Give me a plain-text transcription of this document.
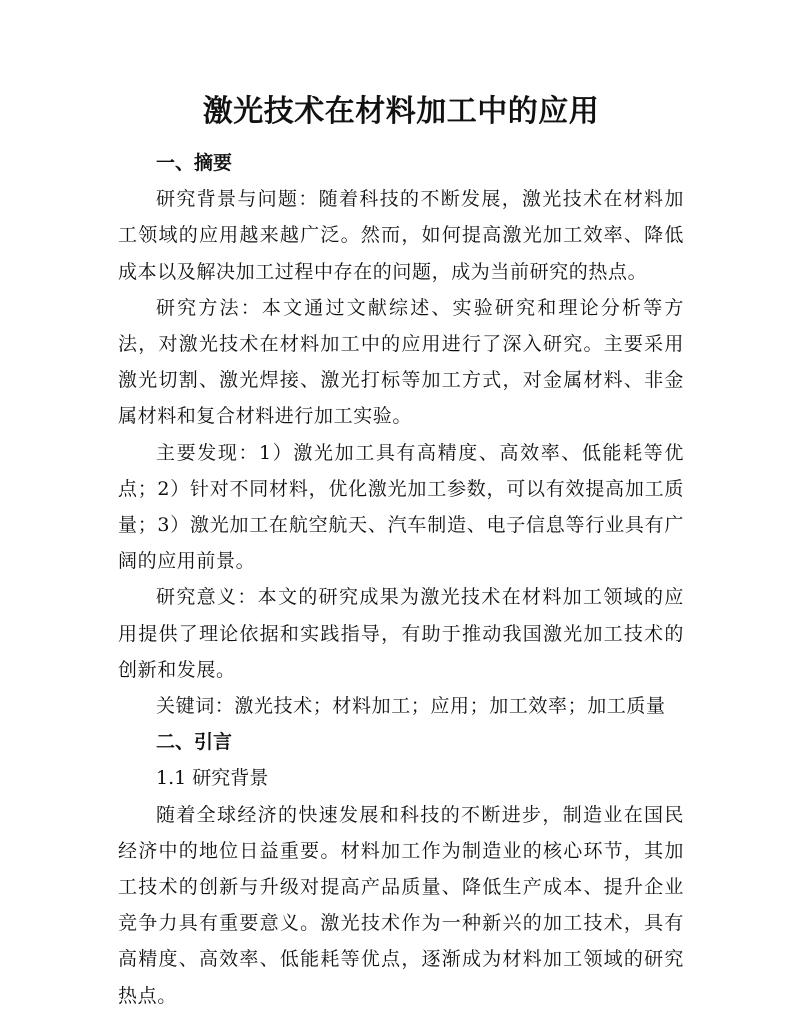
激光技术在材料加工中的应用
一、摘要

研究背景与问题：随着科技的不断发展，激光技术在材料加工领域的应用越来越广泛。然而，如何提高激光加工效率、降低成本以及解决加工过程中存在的问题，成为当前研究的热点。

研究方法：本文通过文献综述、实验研究和理论分析等方法，对激光技术在材料加工中的应用进行了深入研究。主要采用激光切割、激光焊接、激光打标等加工方式，对金属材料、非金属材料和复合材料进行加工实验。

主要发现：1）激光加工具有高精度、高效率、低能耗等优点；2）针对不同材料，优化激光加工参数，可以有效提高加工质量；3）激光加工在航空航天、汽车制造、电子信息等行业具有广阔的应用前景。

研究意义：本文的研究成果为激光技术在材料加工领域的应用提供了理论依据和实践指导，有助于推动我国激光加工技术的创新和发展。

关键词：激光技术；材料加工；应用；加工效率；加工质量

二、引言
1.1 研究背景

随着全球经济的快速发展和科技的不断进步，制造业在国民经济中的地位日益重要。材料加工作为制造业的核心环节，其加工技术的创新与升级对提高产品质量、降低生产成本、提升企业竞争力具有重要意义。激光技术作为一种新兴的加工技术，具有高精度、高效率、低能耗等优点，逐渐成为材料加工领域的研究热点。
